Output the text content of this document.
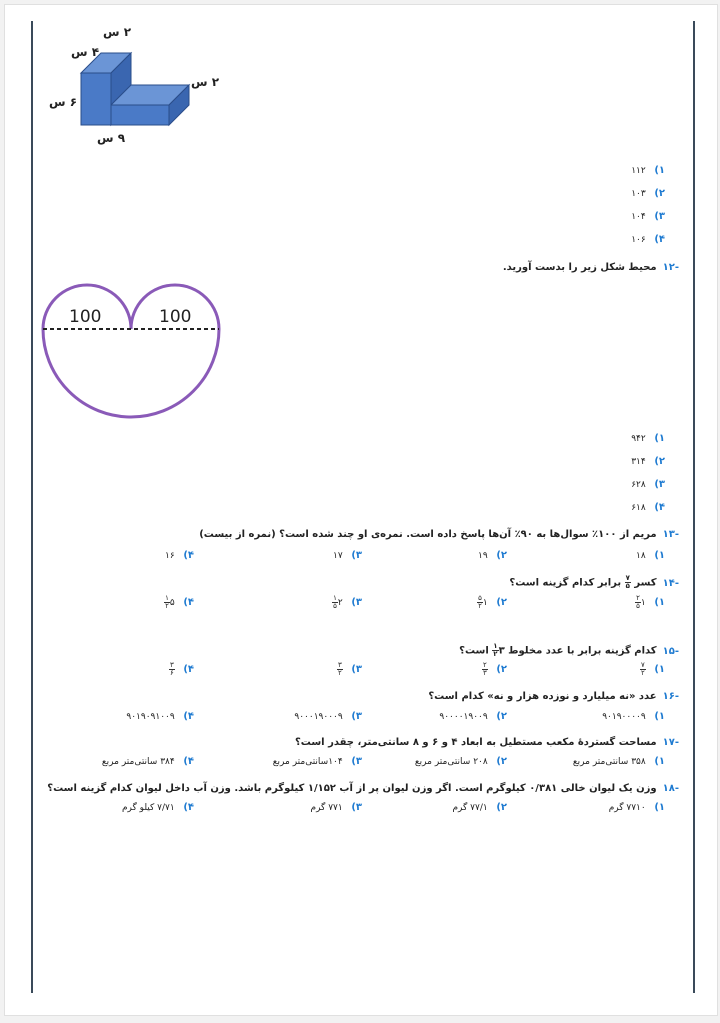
۲ س
۴ س
۲ س
۶ س
۹ س
۱)   ۱۱۲
۲)   ۱۰۳
۳)   ۱۰۴
۴)   ۱۰۶
-۱۲محیط شکل زیر را بدست آورید.
100	100
۱)   ۹۴۲
۲)   ۳۱۴
۳)   ۶۲۸
۴)   ۶۱۸
-۱۳مریم از ۱۰۰٪ سوال‌ها به ۹۰٪ آن‌ها پاسخ داده است. نمره‌ی او چند شده است؟ (نمره از بیست)
۱)   ۱۸
۲)   ۱۹
۳)   ۱۷
۴)   ۱۶
-۱۴کسر
$\frac{۷}{۵}$
برابر کدام گزینه است؟
۱)   ۱
$\frac{۲}{۵}$
۲)   ۱
$\frac{۵}{۲}$
۳)   ۲
$\frac{۱}{۵}$
۴)   ۵
$\frac{۱}{۲}$
-۱۵کدام گزینه برابر با عدد مخلوط ۳
$\frac{۱}{۲}$
است؟
۱)
$\frac{۷}{۲}$
۲)
$\frac{۲}{۳}$
۳)
$\frac{۳}{۲}$
۴)
$\frac{۳}{۶}$
-۱۶عدد «نه میلیارد و نوزده هزار و نه» کدام است؟
۱)   ۹۰۱۹۰۰۰۰۹
۲)   ۹۰۰۰۰۱۹۰۰۹
۳)   ۹۰۰۰۱۹۰۰۰۹
۴)   ۹۰۱۹۰۹۱۰۰۹
-۱۷مساحت گستردهٔ مکعب مستطیل به ابعاد ۴ و ۶ و ۸ سانتی‌متر، چقدر است؟
۱)   ۳۵۸ سانتی‌متر مربع
۲)   ۲۰۸ سانتی‌متر مربع
۳)   ۱۰۴سانتی‌متر مربع
۴)   ۳۸۴ سانتی‌متر مربع
-۱۸وزن یک لیوان خالی ۰/۳۸۱ کیلوگرم است. اگر وزن لیوان پر از آب ۱/۱۵۲ کیلوگرم باشد. وزن آب داخل لیوان کدام گزینه است؟
۱)   ۷۷۱۰ گرم
۲)   ۷۷/۱ گرم
۳)   ۷۷۱ گرم
۴)   ۷/۷۱ کیلو گرم
